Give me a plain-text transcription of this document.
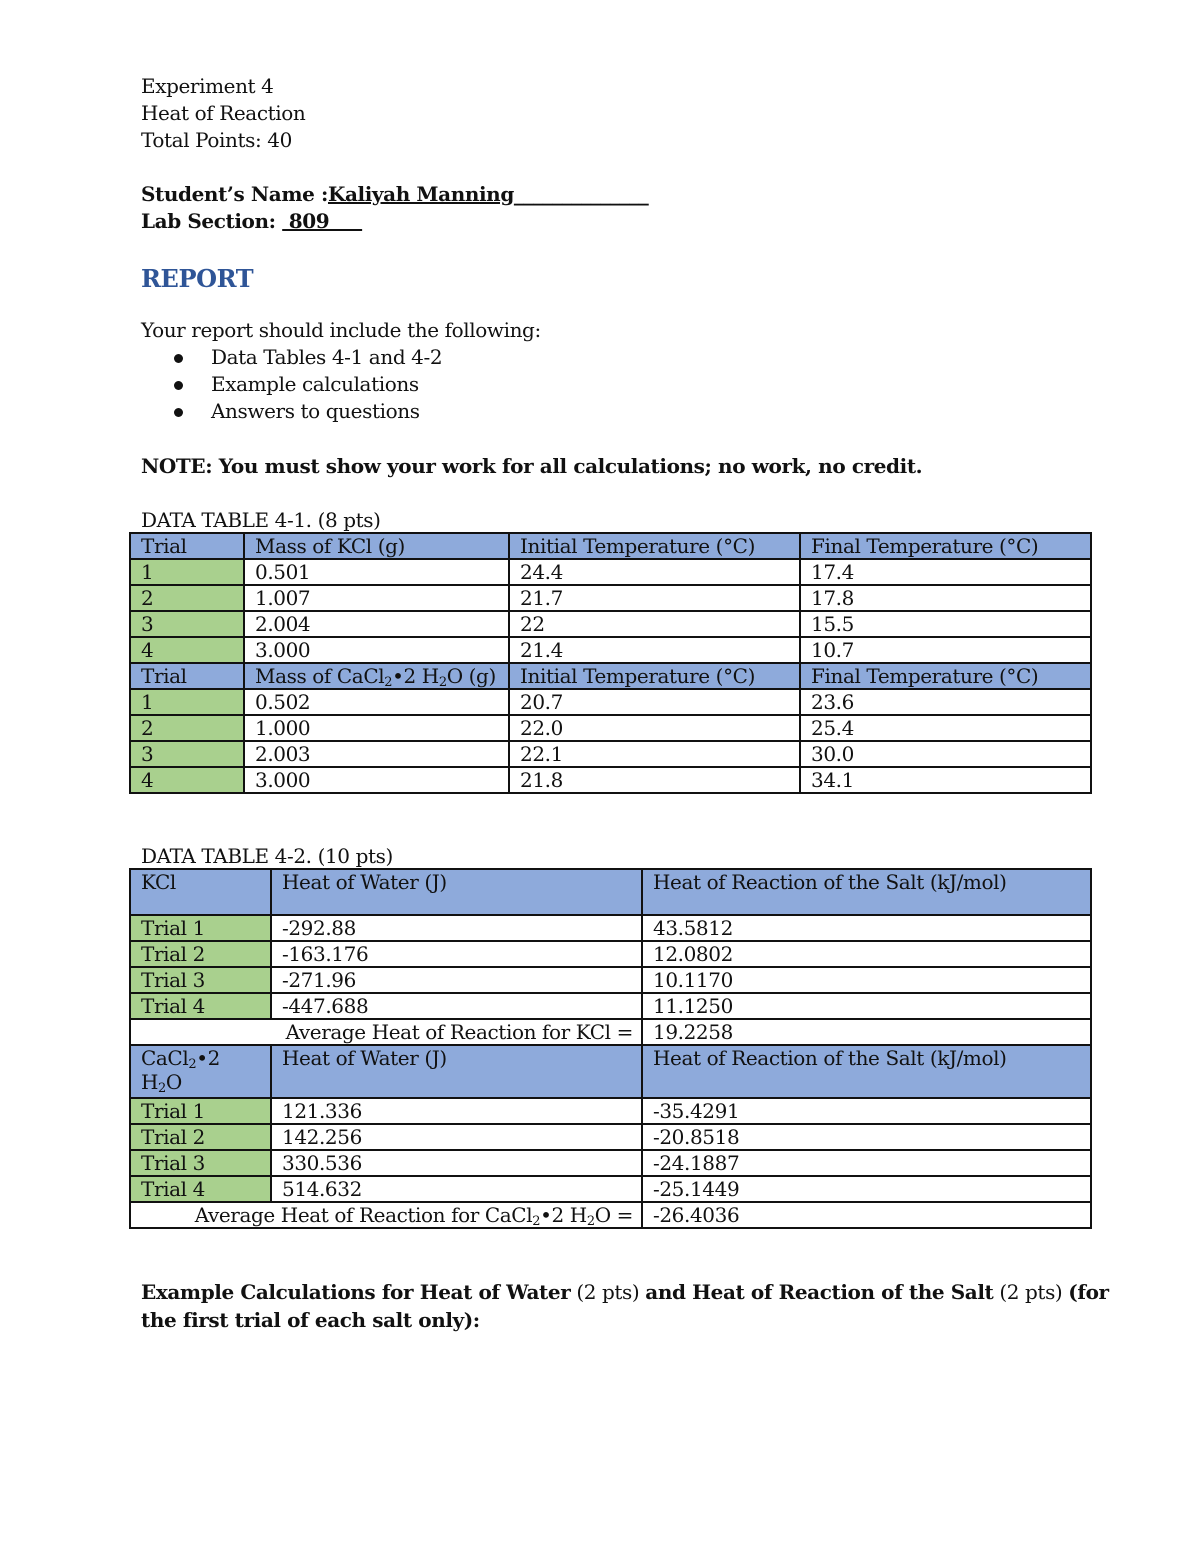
Experiment 4
Heat of Reaction
Total Points: 40
Student’s Name :Kaliyah Manning______________
Lab Section:  809
REPORT
Your report should include the following:
Data Tables 4-1 and 4-2
Example calculations
Answers to questions
NOTE: You must show your work for all calculations; no work, no credit.
DATA TABLE 4-1. (8 pts)
Trial	Mass of KCl (g)	Initial Temperature (°C)	Final Temperature (°C)
1	0.501	24.4	17.4
2	1.007	21.7	17.8
3	2.004	22	15.5
4	3.000	21.4	10.7
Trial	Mass of CaCl$_2$•2 $H_2O$ (g)	Initial Temperature (°C)	Final Temperature (°C)
1	0.502	20.7	23.6
2	1.000	22.0	25.4
3	2.003	22.1	30.0
4	3.000	21.8	34.1
DATA TABLE 4-2. (10 pts)
KCl	Heat of Water (J)	Heat of Reaction of the Salt (kJ/mol)
Trial 1	-292.88	43.5812
Trial 2	-163.176	12.0802
Trial 3	-271.96	10.1170
Trial 4	-447.688	11.1250
Average Heat of Reaction for KCl =		19.2258
CaCl$_2$•2
$H_2O$	Heat of Water (J)	Heat of Reaction of the Salt (kJ/mol)
Trial 1	121.336	-35.4291
Trial 2	142.256	-20.8518
Trial 3	330.536	-24.1887
Trial 4	514.632	-25.1449
Average Heat of Reaction for CaCl$_2$•2 $H_2O$ =		-26.4036
Example Calculations for Heat of Water (2 pts) and Heat of Reaction of the Salt (2 pts) (for
the first trial of each salt only):
